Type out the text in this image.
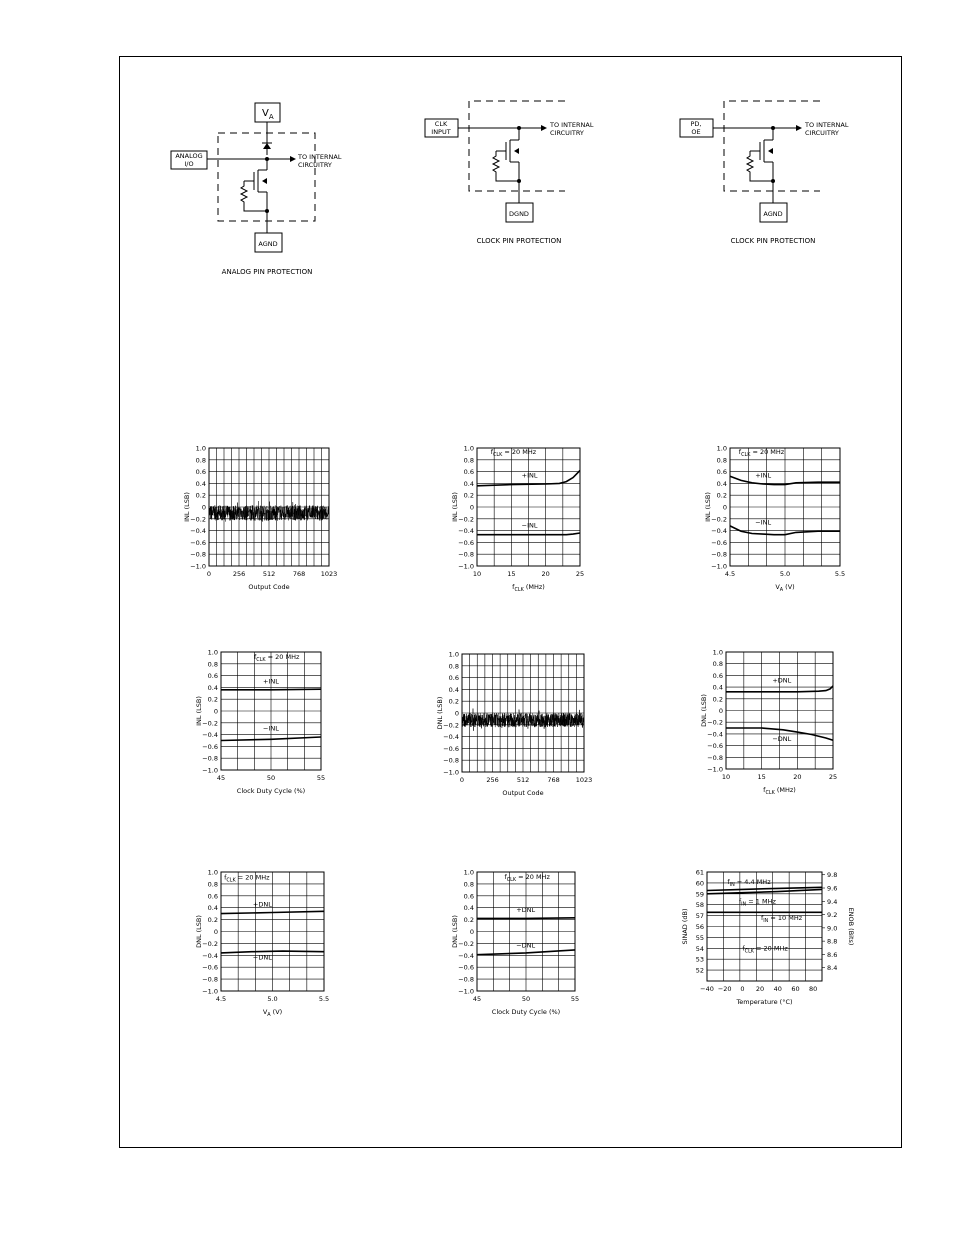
$V_A$
ANALOG
I/O
TO INTERNAL
CIRCUITRY
AGND
ANALOG PIN PROTECTION
CLK
INPUT
TO INTERNAL
CIRCUITRY
DGND
CLOCK PIN PROTECTION
PD,
OE
TO INTERNAL
CIRCUITRY
AGND
CLOCK PIN PROTECTION
1.0
0.8
0.6
0.4
0.2
0
−0.2
−0.4
−0.6
−0.8
−1.0
0	256	512	768 1023
Output Code
INL (LSB)
1.0
0.8
0.6
0.4
0.2
0
−0.2
−0.4
−0.6
−0.8
−1.0
10	15	20	25
$f_{CLK}$ (MHz)
INL (LSB)
$f_{CLK} = 20$ MHz
+INL
−INL
1.0
0.8
0.6
0.4
0.2
0
−0.2
−0.4
−0.6
−0.8
−1.0
4.5	5.0	5.5
$V_A$ (V)
INL (LSB)
$f_{CLK} = 20$ MHz
+INL
−INL
1.0
0.8
0.6
0.4
0.2
0
−0.2
−0.4
−0.6
−0.8
−1.0
45	50	55
Clock Duty Cycle (%)
INL (LSB)
$f_{CLK} = 20$ MHz
+INL
−INL
1.0
0.8
0.6
0.4
0.2
0
−0.2
−0.4
−0.6
−0.8
−1.0
0	256	512	768 1023
Output Code
DNL (LSB)
1.0
0.8
0.6
0.4
0.2
0
−0.2
−0.4
−0.6
−0.8
−1.0
10	15	20	25
$f_{CLK}$ (MHz)
DNL (LSB)
+DNL
−DNL
1.0
0.8
0.6
0.4
0.2
0
−0.2
−0.4
−0.6
−0.8
−1.0
4.5	5.0	5.5
$V_A$ (V)
DNL (LSB)
$f_{CLK} = 20$ MHz
+DNL
−DNL
1.0
0.8
0.6
0.4
0.2
0
−0.2
−0.4
−0.6
−0.8
−1.0
45	50	55
Clock Duty Cycle (%)
DNL (LSB)
$f_{CLK} = 20$ MHz
+DNL
−DNL
61
60
59
58
57
56
55
54
53
52
−40 −20 0 20 40 60 80
Temperature (°C)
SINAD (dB)
9.8
9.6
9.4
9.2
9.0
8.8
8.6
8.4
ENOB (Bits)
$f_{IN} = 4.4$ MHz
$f_{IN} = 1$ MHz
$f_{IN} = 10$ MHz
$f_{CLK} = 20$ MHz
